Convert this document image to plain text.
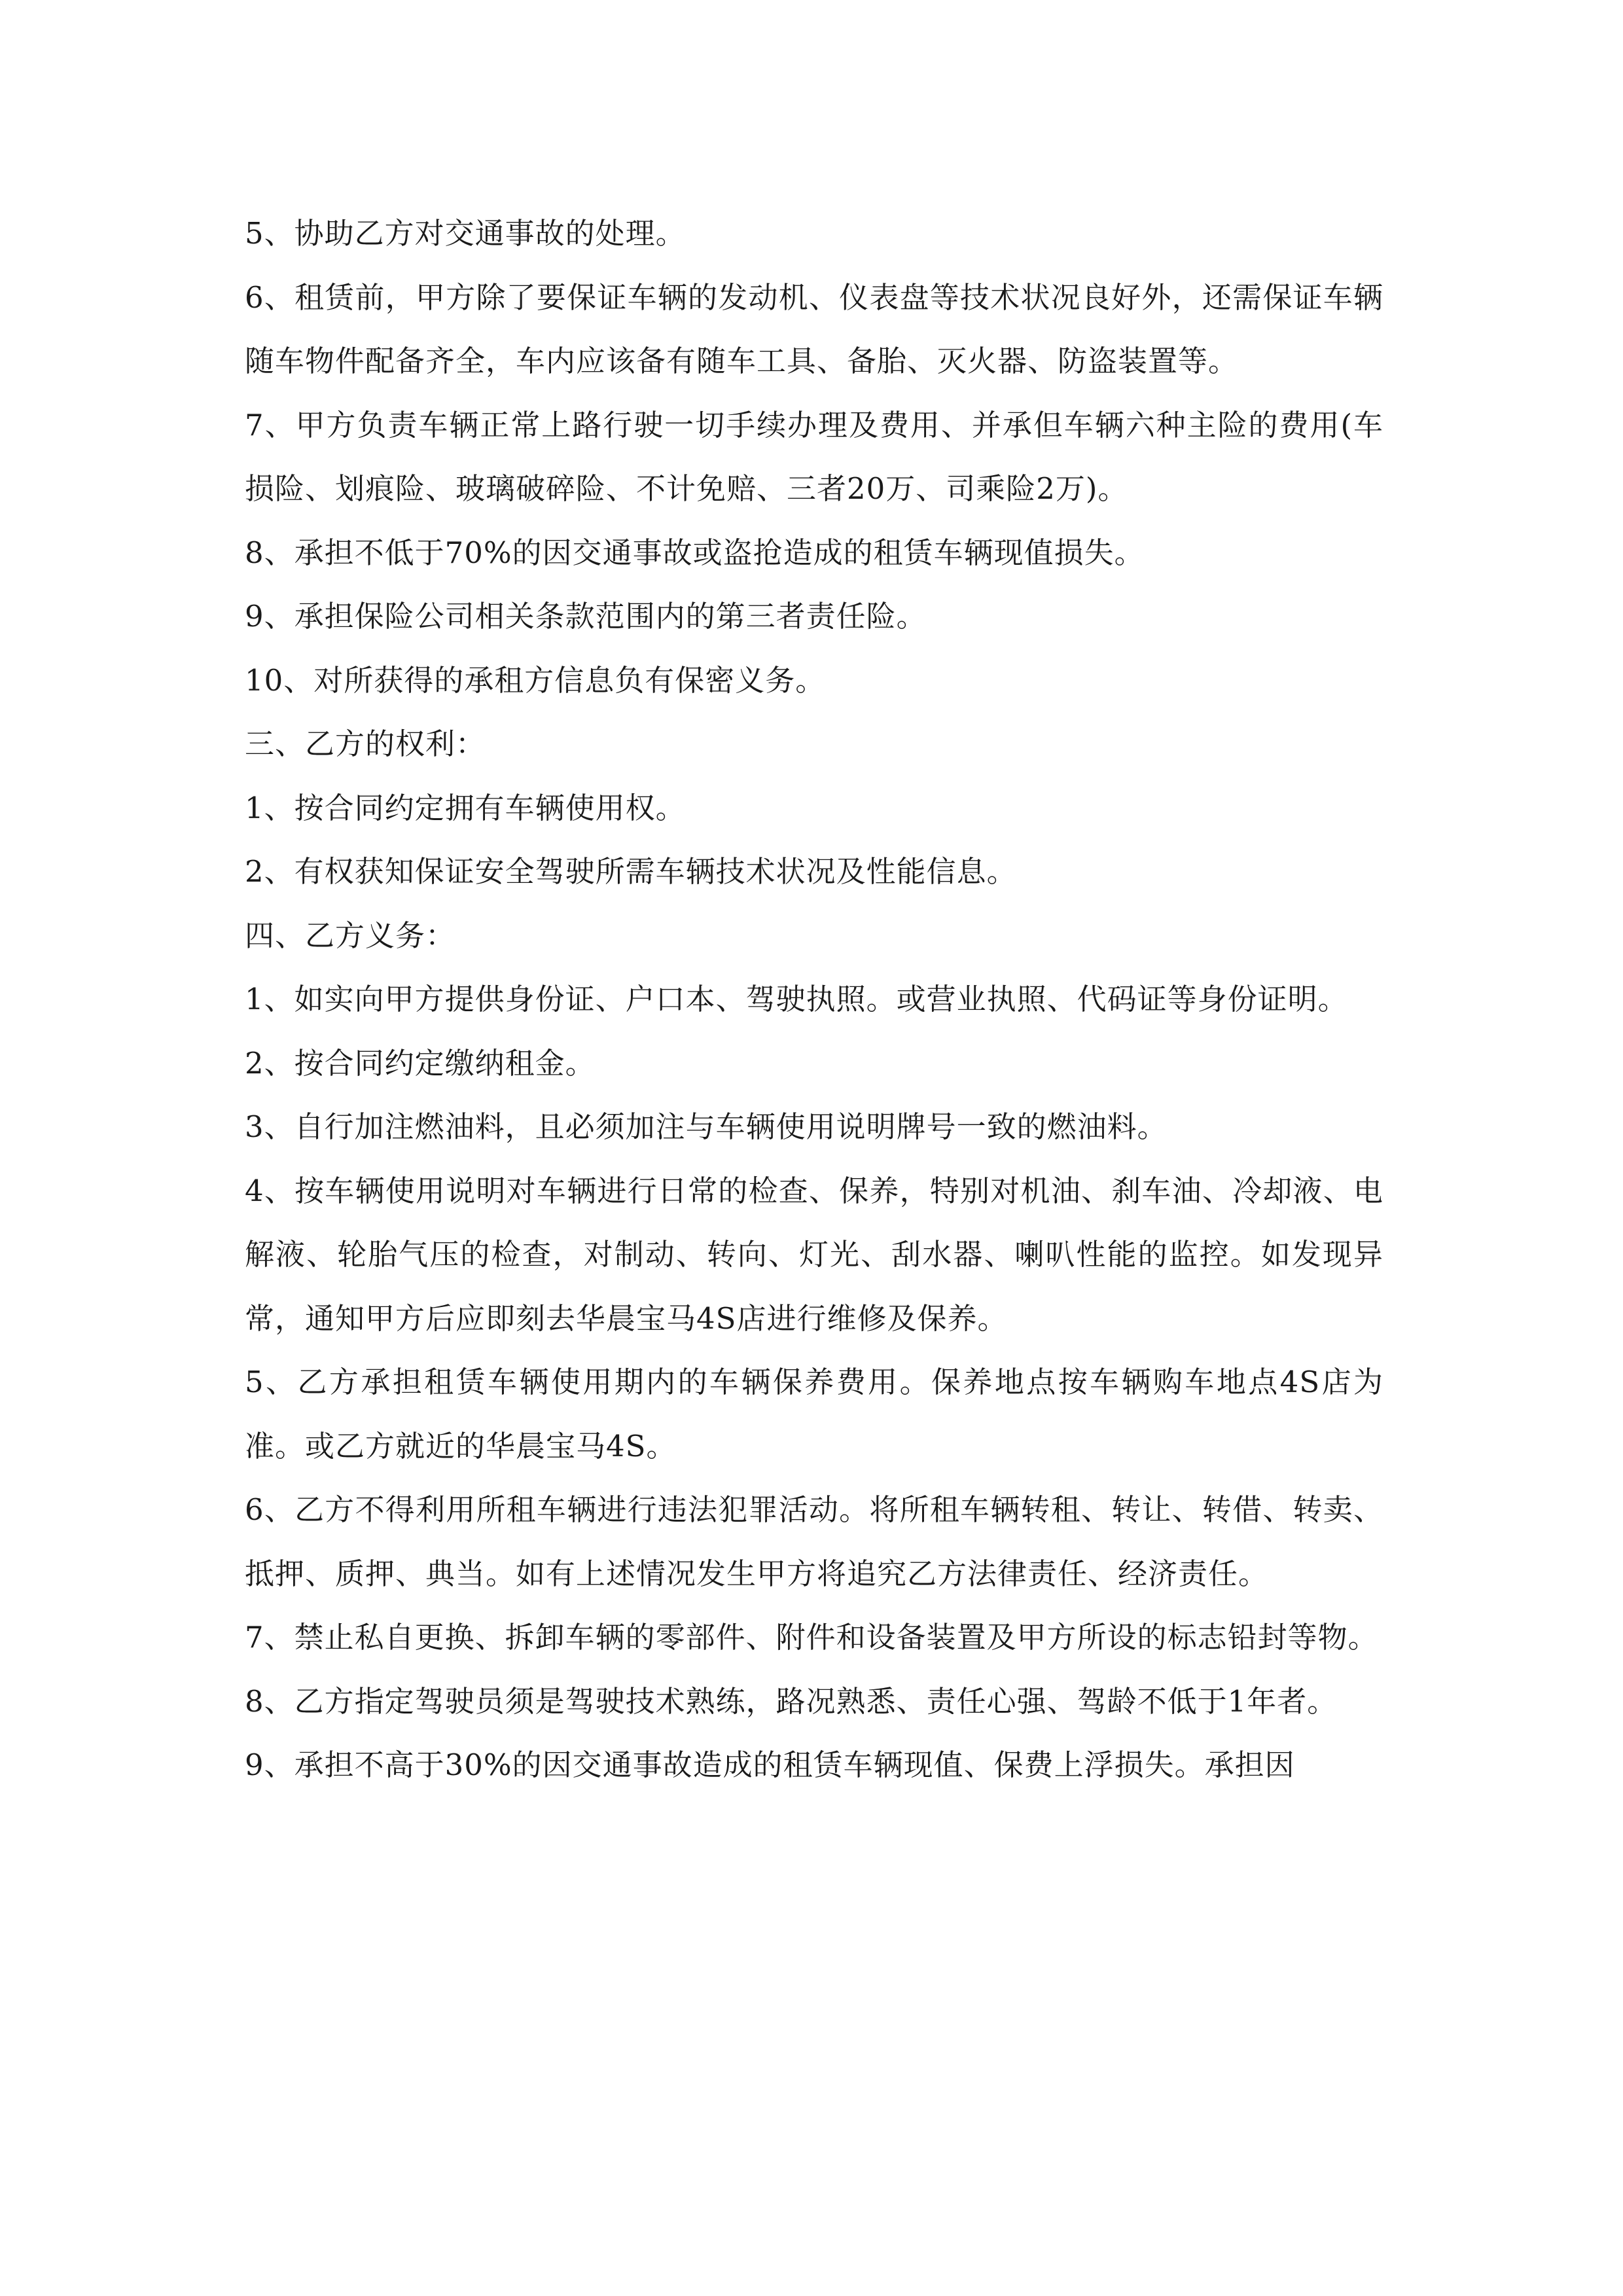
5、协助乙方对交通事故的处理。

6、租赁前，甲方除了要保证车辆的发动机、仪表盘等技术状况良好外，还需保证车辆随车物件配备齐全，车内应该备有随车工具、备胎、灭火器、防盗装置等。

7、甲方负责车辆正常上路行驶一切手续办理及费用、并承但车辆六种主险的费用(车损险、划痕险、玻璃破碎险、不计免赔、三者20万、司乘险2万)。

8、承担不低于70%的因交通事故或盗抢造成的租赁车辆现值损失。

9、承担保险公司相关条款范围内的第三者责任险。

10、对所获得的承租方信息负有保密义务。

三、乙方的权利：

1、按合同约定拥有车辆使用权。

2、有权获知保证安全驾驶所需车辆技术状况及性能信息。

四、乙方义务：

1、如实向甲方提供身份证、户口本、驾驶执照。或营业执照、代码证等身份证明。

2、按合同约定缴纳租金。

3、自行加注燃油料，且必须加注与车辆使用说明牌号一致的燃油料。

4、按车辆使用说明对车辆进行日常的检查、保养，特别对机油、刹车油、冷却液、电解液、轮胎气压的检查，对制动、转向、灯光、刮水器、喇叭性能的监控。如发现异常，通知甲方后应即刻去华晨宝马4S店进行维修及保养。

5、乙方承担租赁车辆使用期内的车辆保养费用。保养地点按车辆购车地点4S店为准。或乙方就近的华晨宝马4S。

6、乙方不得利用所租车辆进行违法犯罪活动。将所租车辆转租、转让、转借、转卖、抵押、质押、典当。如有上述情况发生甲方将追究乙方法律责任、经济责任。

7、禁止私自更换、拆卸车辆的零部件、附件和设备装置及甲方所设的标志铅封等物。

8、乙方指定驾驶员须是驾驶技术熟练，路况熟悉、责任心强、驾龄不低于1年者。

9、承担不高于30%的因交通事故造成的租赁车辆现值、保费上浮损失。承担因
